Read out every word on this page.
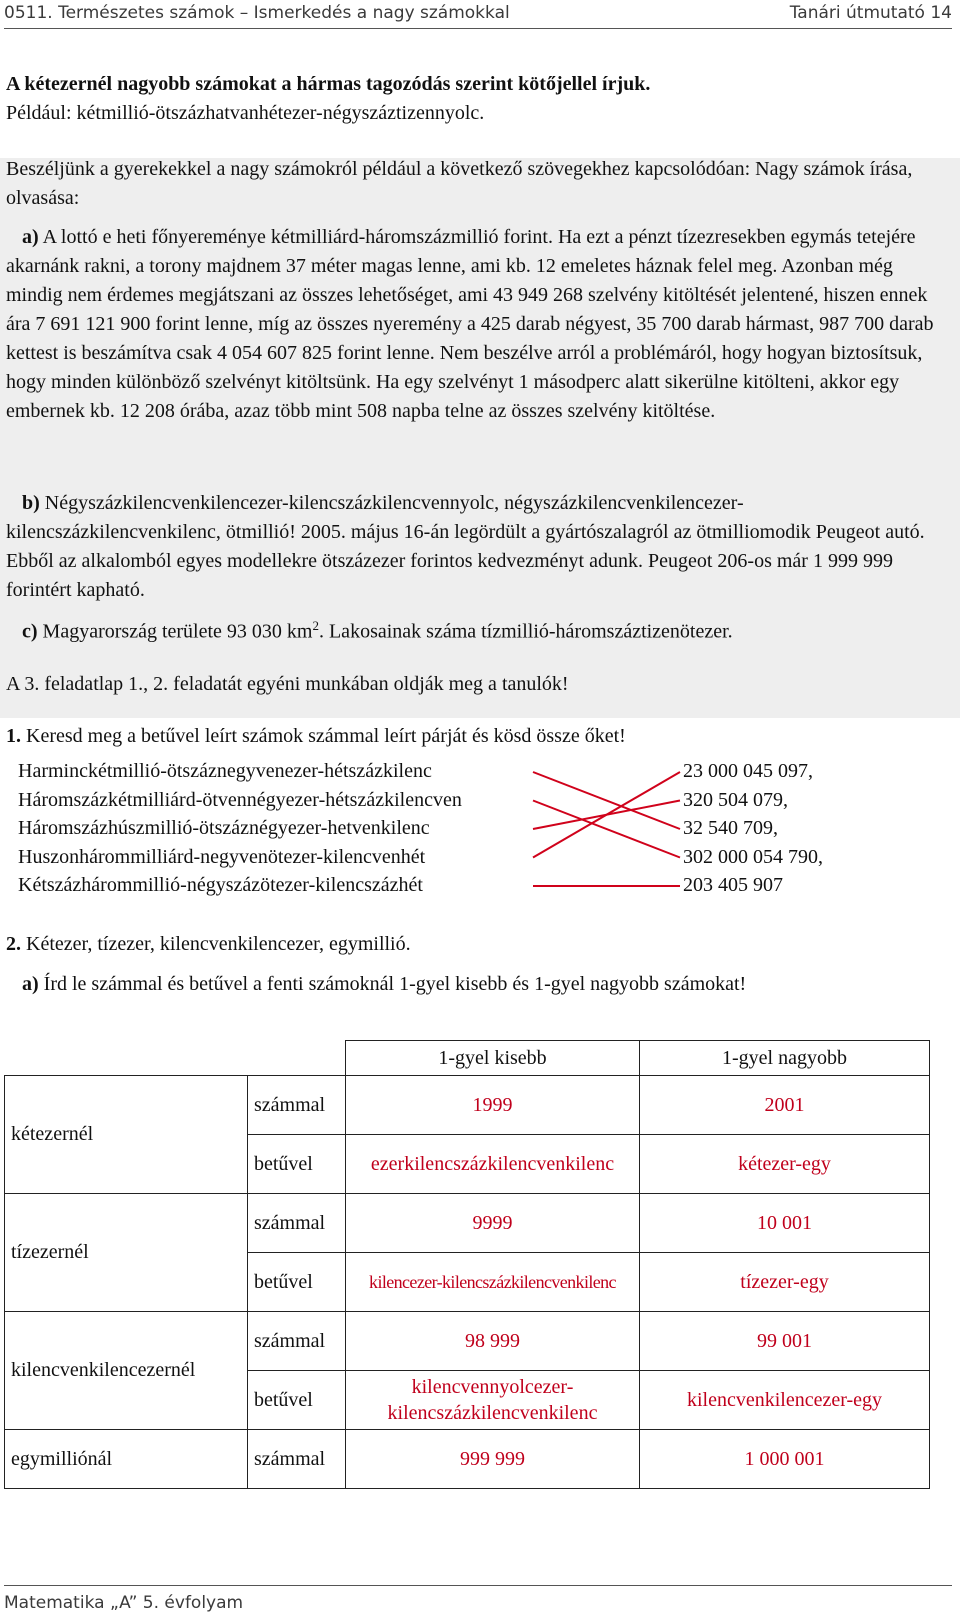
0511. Természetes számok – Ismerkedés a nagy számokkal	Tanári útmutató 14

A kétezernél nagyobb számokat a hármas tagozódás szerint kötőjellel írjuk.

Például: kétmillió-ötszázhatvanhétezer-négyszáztizennyolc.

Beszéljünk a gyerekekkel a nagy számokról például a következő szövegekhez kapcsolódóan: Nagy számok írása, olvasása:

a) A lottó e heti főnyereménye kétmilliárd-háromszázmillió forint. Ha ezt a pénzt tízezresekben egymás tetejére akarnánk rakni, a torony majdnem 37 méter magas lenne, ami kb. 12 emeletes háznak felel meg. Azonban még mindig nem érdemes megjátszani az összes lehetőséget, ami 43 949 268 szelvény kitöltését jelentené, hiszen ennek ára 7 691 121 900 forint lenne, míg az összes nyeremény a 425 darab négyest, 35 700 darab hármast, 987 700 darab kettest is beszámítva csak 4 054 607 825 forint lenne. Nem beszélve arról a problémáról, hogy hogyan biztosítsuk, hogy minden különböző szelvényt kitöltsünk. Ha egy szelvényt 1 másodperc alatt sikerülne kitölteni, akkor egy embernek kb. 12 208 órába, azaz több mint 508 napba telne az összes szelvény kitöltése.

b) Négyszázkilencvenkilencezer-kilencszázkilencvennyolc, négyszázkilencvenkilencezer-kilencszázkilencvenkilenc, ötmillió! 2005. május 16-án legördült a gyártószalagról az ötmilliomodik Peugeot autó. Ebből az alkalomból egyes modellekre ötszázezer forintos kedvezményt adunk. Peugeot 206-os már 1 999 999 forintért kapható.

c) Magyarország területe 93 030 $km^2$. Lakosainak száma tízmillió-háromszáztizenötezer.

A 3. feladatlap 1., 2. feladatát egyéni munkában oldják meg a tanulók!

1. Keresd meg a betűvel leírt számok számmal leírt párját és kösd össze őket!

Harminckétmillió-ötszáznegyvenezer-hétszázkilenc

Háromszázkétmilliárd-ötvennégyezer-hétszázkilencven

Háromszázhúszmillió-ötszáznégyezer-hetvenkilenc

Huszonhárommilliárd-negyvenötezer-kilencvenhét

Kétszázhárommillió-négyszázötezer-kilencszázhét

23 000 045 097,

320 504 079,

32 540 709,

302 000 054 790,

203 405 907

2. Kétezer, tízezer, kilencvenkilencezer, egymillió.

a) Írd le számmal és betűvel a fenti számoknál 1-gyel kisebb és 1-gyel nagyobb számokat!

		1-gyel kisebb	1-gyel nagyobb
kétezernél	számmal	1999	2001
	betűvel	ezerkilencszázkilencvenkilenc	kétezer-egy
tízezernél	számmal	9999	10 001
	betűvel	kilencezer-kilencszázkilencvenkilenc	tízezer-egy
kilencvenkilencezernél	számmal	98 999	99 001
	betűvel	kilencvennyolcezer-
kilencszázkilencvenkilenc	kilencvenkilencezer-egy
egymilliónál	számmal	999 999	1 000 001
Matematika „A” 5. évfolyam
